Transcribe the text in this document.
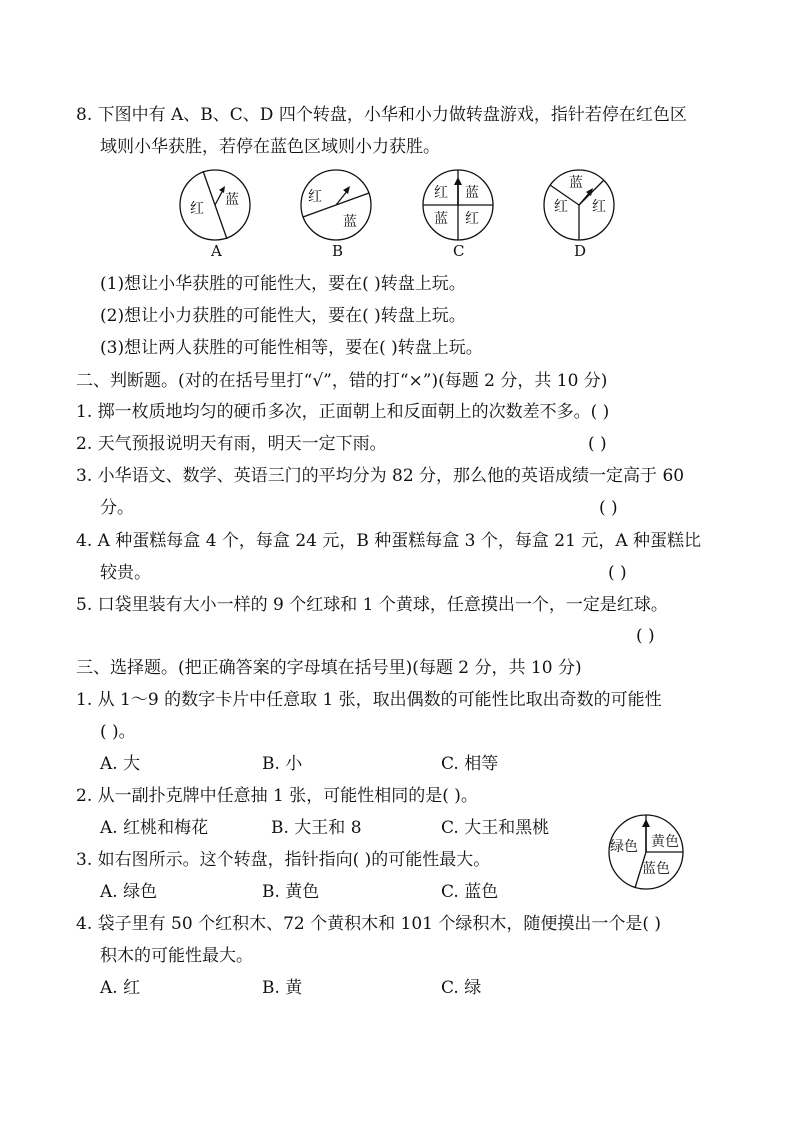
8. 下图中有 A、B、C、D 四个转盘，小华和小力做转盘游戏，指针若停在红色区
域则小华获胜，若停在蓝色区域则小力获胜。
红
蓝
A
红
蓝
B
红 蓝
蓝 红
C
蓝
红 红
D
(1)想让小华获胜的可能性大，要在( )转盘上玩。
(2)想让小力获胜的可能性大，要在( )转盘上玩。
(3)想让两人获胜的可能性相等，要在( )转盘上玩。
二、判断题。(对的在括号里打“√”，错的打“×”)(每题 2 分，共 10 分)
1. 掷一枚质地均匀的硬币多次，正面朝上和反面朝上的次数差不多。( )
2. 天气预报说明天有雨，明天一定下雨。	( )
3. 小华语文、数学、英语三门的平均分为 82 分，那么他的英语成绩一定高于 60
分。	( )
4. A 种蛋糕每盒 4 个，每盒 24 元，B 种蛋糕每盒 3 个，每盒 21 元，A 种蛋糕比
较贵。	( )
5. 口袋里装有大小一样的 9 个红球和 1 个黄球，任意摸出一个，一定是红球。
( )
三、选择题。(把正确答案的字母填在括号里)(每题 2 分，共 10 分)
1. 从 1～9 的数字卡片中任意取 1 张，取出偶数的可能性比取出奇数的可能性
( )。
A. 大	B. 小	C. 相等
2. 从一副扑克牌中任意抽 1 张，可能性相同的是( )。
A. 红桃和梅花	B. 大王和 8	C. 大王和黑桃
绿色 黄色
蓝色
3. 如右图所示。这个转盘，指针指向( )的可能性最大。
A. 绿色	B. 黄色	C. 蓝色
4. 袋子里有 50 个红积木、72 个黄积木和 101 个绿积木，随便摸出一个是( )
积木的可能性最大。
A. 红	B. 黄	C. 绿
